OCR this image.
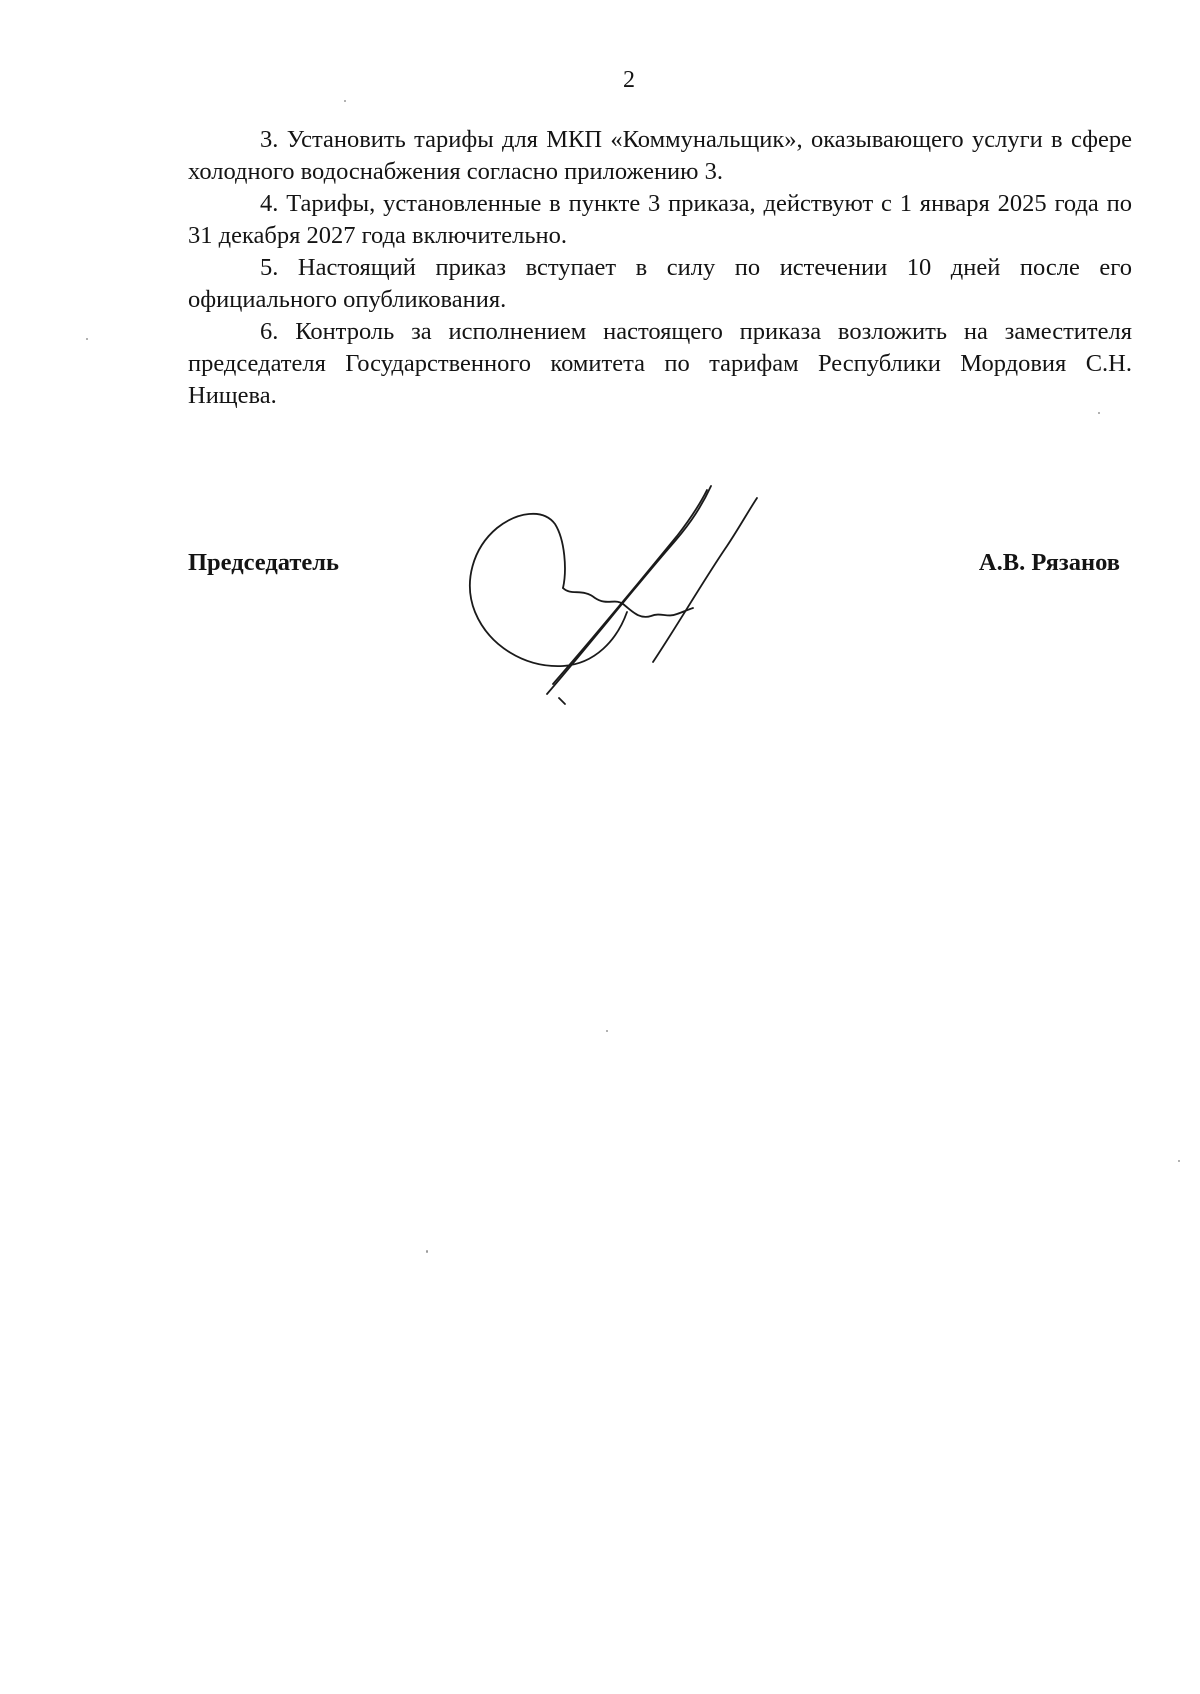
2

3. Установить тарифы для МКП «Коммунальщик», оказывающего услуги в сфере холодного водоснабжения согласно приложению 3.

4. Тарифы, установленные в пункте 3 приказа, действуют с 1 января 2025 года по 31 декабря 2027 года включительно.

5. Настоящий приказ вступает в силу по истечении 10 дней после его официального опубликования.

6. Контроль за исполнением настоящего приказа возложить на заместителя председателя Государственного комитета по тарифам Республики Мордовия С.Н. Нищева.

Председатель	А.В. Рязанов
